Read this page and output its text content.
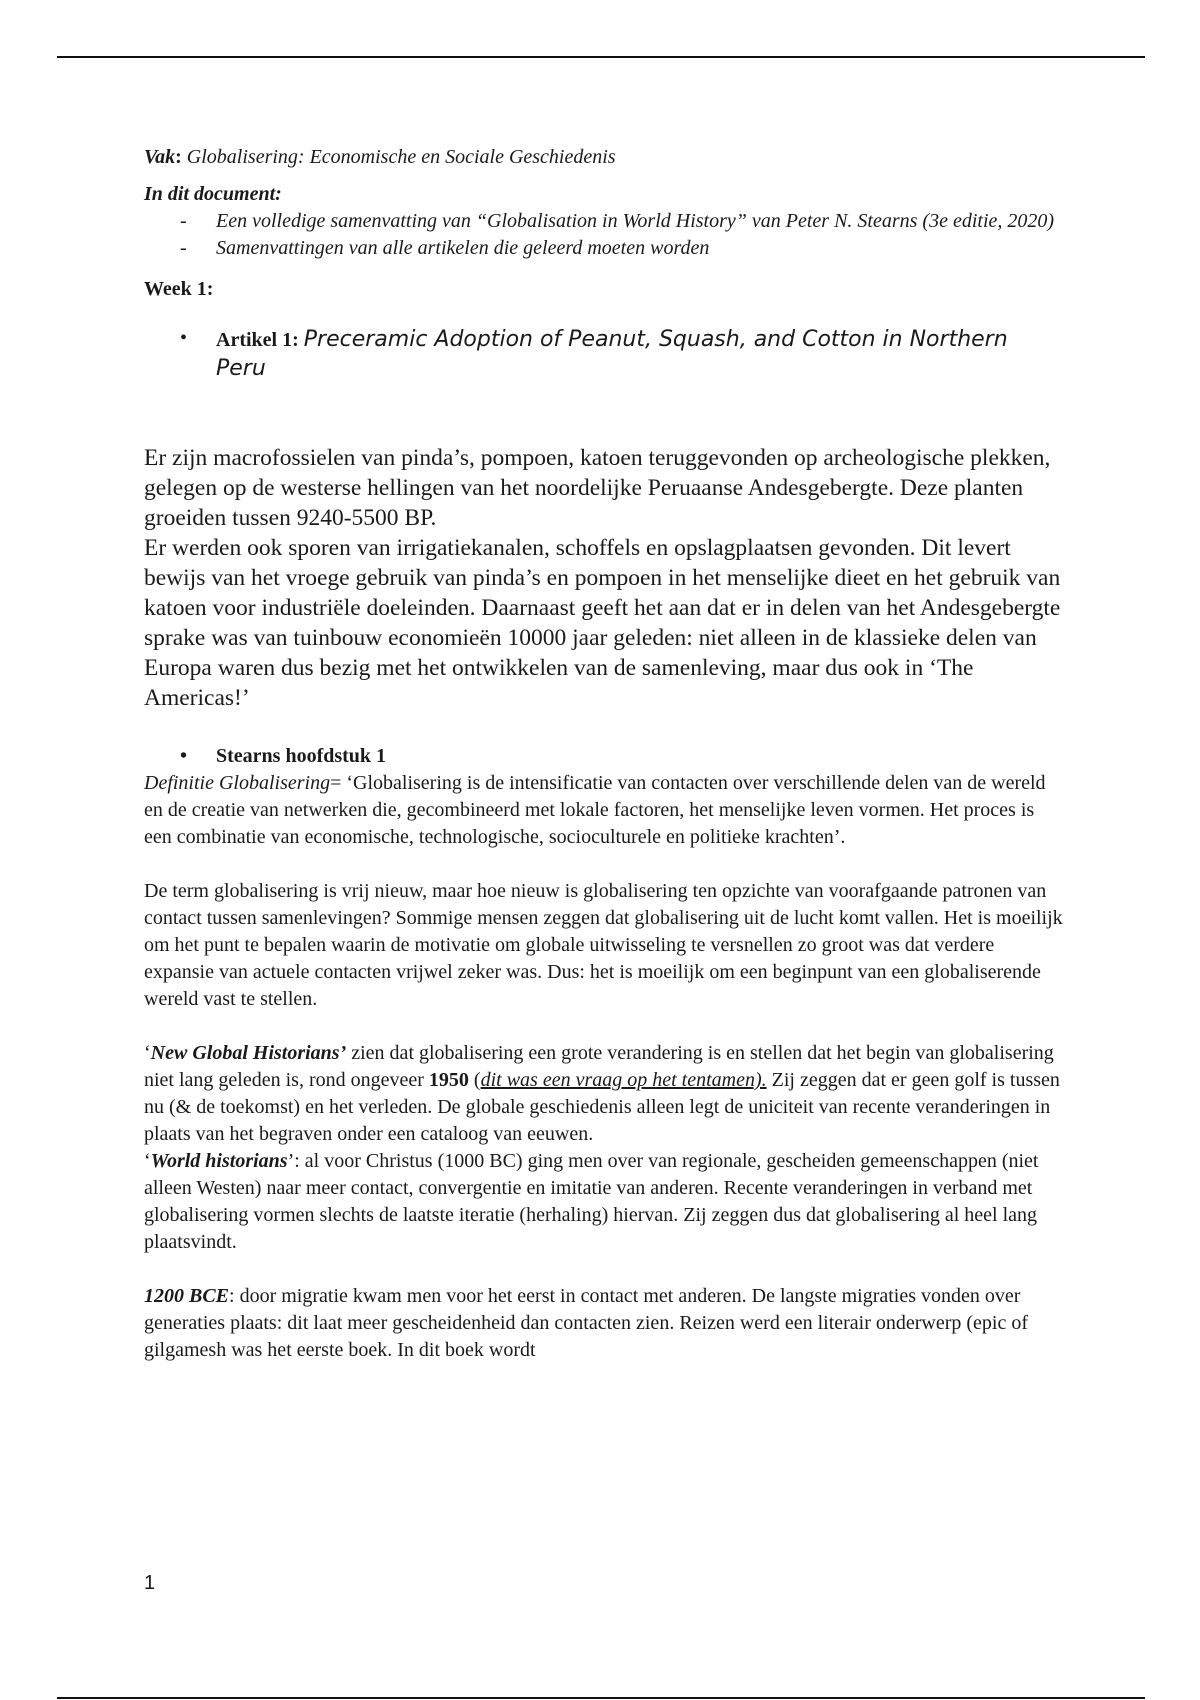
Vak: Globalisering: Economische en Sociale Geschiedenis

In dit document:

- Een volledige samenvatting van “Globalisation in World History” van Peter N. Stearns (3e editie, 2020)
- Samenvattingen van alle artikelen die geleerd moeten worden

Week 1:

• Artikel 1: Preceramic Adoption of Peanut, Squash, and Cotton in Northern Peru

Er zijn macrofossielen van pinda’s, pompoen, katoen teruggevonden op archeologische plekken, gelegen op de westerse hellingen van het noordelijke Peruaanse Andesgebergte. Deze planten groeiden tussen 9240-5500 BP.

Er werden ook sporen van irrigatiekanalen, schoffels en opslagplaatsen gevonden. Dit levert bewijs van het vroege gebruik van pinda’s en pompoen in het menselijke dieet en het gebruik van katoen voor industriële doeleinden. Daarnaast geeft het aan dat er in delen van het Andesgebergte sprake was van tuinbouw economieën 10000 jaar geleden: niet alleen in de klassieke delen van Europa waren dus bezig met het ontwikkelen van de samenleving, maar dus ook in ‘The Americas!’

• Stearns hoofdstuk 1

Definitie Globalisering= ‘Globalisering is de intensificatie van contacten over verschillende delen van de wereld en de creatie van netwerken die, gecombineerd met lokale factoren, het menselijke leven vormen. Het proces is een combinatie van economische, technologische, socioculturele en politieke krachten’.

De term globalisering is vrij nieuw, maar hoe nieuw is globalisering ten opzichte van voorafgaande patronen van contact tussen samenlevingen? Sommige mensen zeggen dat globalisering uit de lucht komt vallen. Het is moeilijk om het punt te bepalen waarin de motivatie om globale uitwisseling te versnellen zo groot was dat verdere expansie van actuele contacten vrijwel zeker was. Dus: het is moeilijk om een beginpunt van een globaliserende wereld vast te stellen.

‘New Global Historians’ zien dat globalisering een grote verandering is en stellen dat het begin van globalisering niet lang geleden is, rond ongeveer 1950 (dit was een vraag op het tentamen). Zij zeggen dat er geen golf is tussen nu (& de toekomst) en het verleden. De globale geschiedenis alleen legt de uniciteit van recente veranderingen in plaats van het begraven onder een cataloog van eeuwen.

‘World historians’: al voor Christus (1000 BC) ging men over van regionale, gescheiden gemeenschappen (niet alleen Westen) naar meer contact, convergentie en imitatie van anderen. Recente veranderingen in verband met globalisering vormen slechts de laatste iteratie (herhaling) hiervan. Zij zeggen dus dat globalisering al heel lang plaatsvindt.

1200 BCE: door migratie kwam men voor het eerst in contact met anderen. De langste migraties vonden over generaties plaats: dit laat meer gescheidenheid dan contacten zien. Reizen werd een literair onderwerp (epic of gilgamesh was het eerste boek. In dit boek wordt

1
